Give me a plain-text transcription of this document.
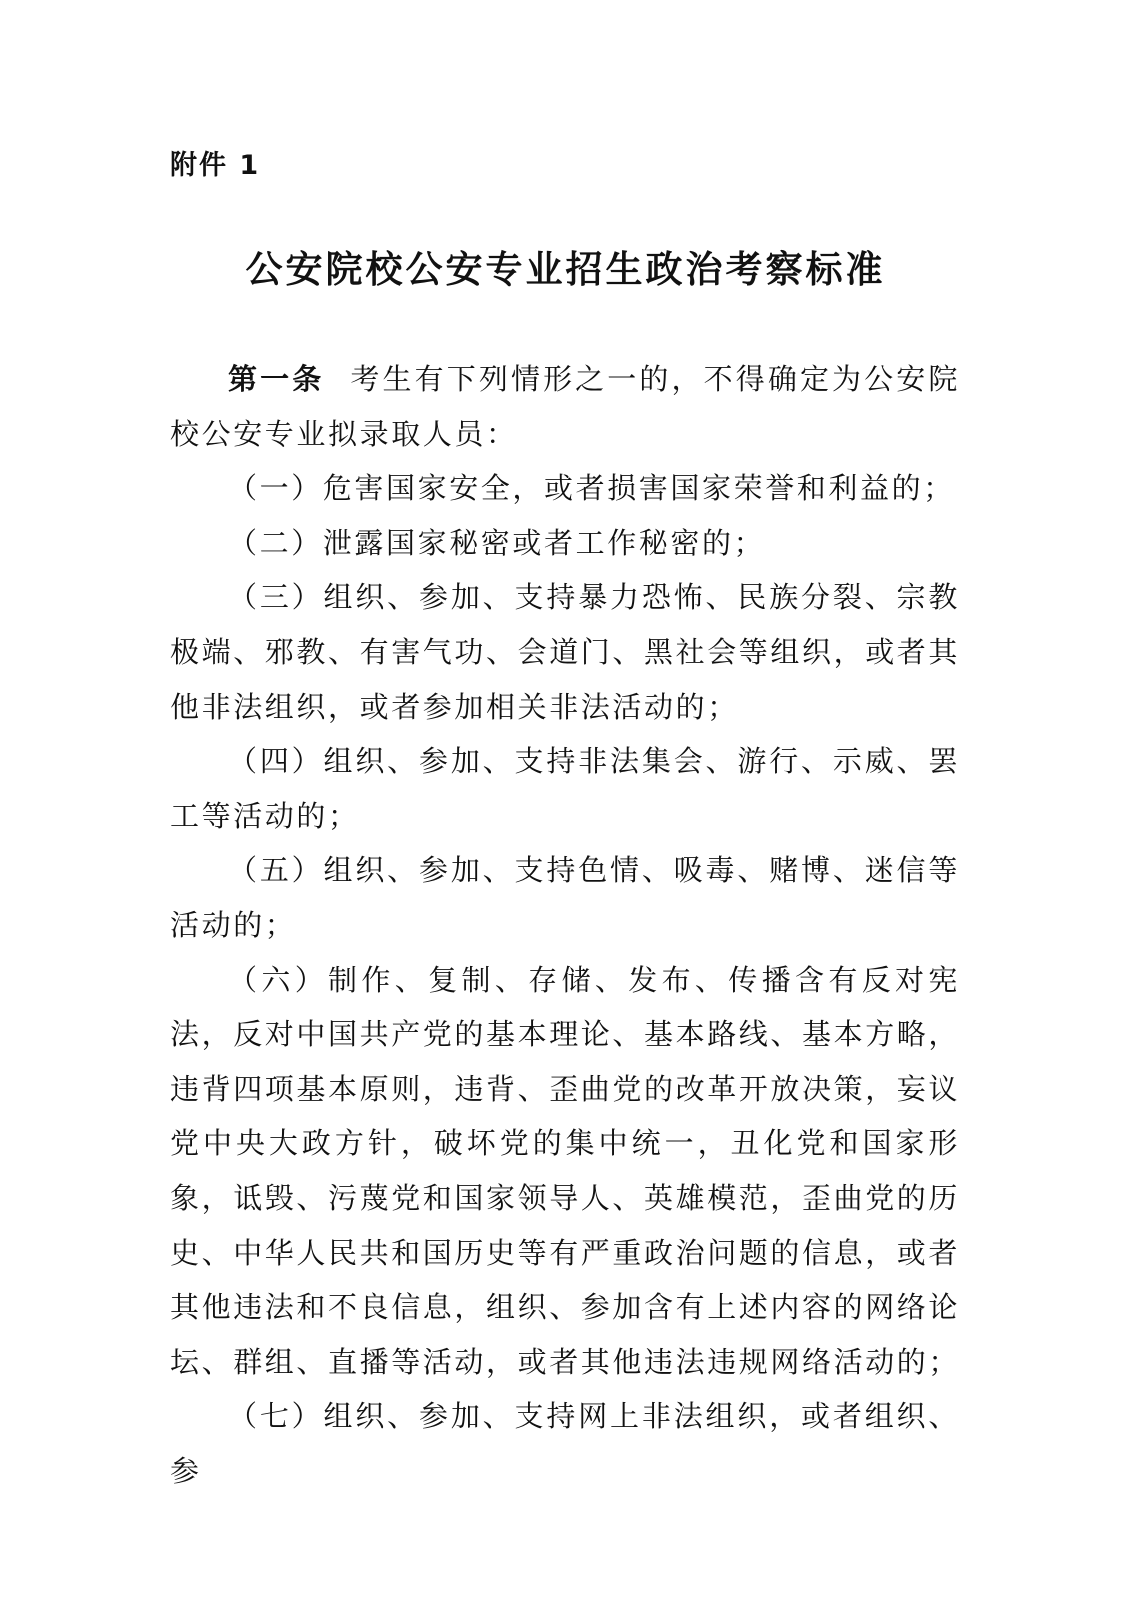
附件 1
公安院校公安专业招生政治考察标准

第一条 考生有下列情形之一的，不得确定为公安院校公安专业拟录取人员：

（一）危害国家安全，或者损害国家荣誉和利益的；

（二）泄露国家秘密或者工作秘密的；

（三）组织、参加、支持暴力恐怖、民族分裂、宗教极端、邪教、有害气功、会道门、黑社会等组织，或者其他非法组织，或者参加相关非法活动的；

（四）组织、参加、支持非法集会、游行、示威、罢工等活动的；

（五）组织、参加、支持色情、吸毒、赌博、迷信等活动的；

（六）制作、复制、存储、发布、传播含有反对宪法，反对中国共产党的基本理论、基本路线、基本方略，违背四项基本原则，违背、歪曲党的改革开放决策，妄议党中央大政方针，破坏党的集中统一，丑化党和国家形象，诋毁、污蔑党和国家领导人、英雄模范，歪曲党的历史、中华人民共和国历史等有严重政治问题的信息，或者其他违法和不良信息，组织、参加含有上述内容的网络论坛、群组、直播等活动，或者其他违法违规网络活动的；

（七）组织、参加、支持网上非法组织，或者组织、参
